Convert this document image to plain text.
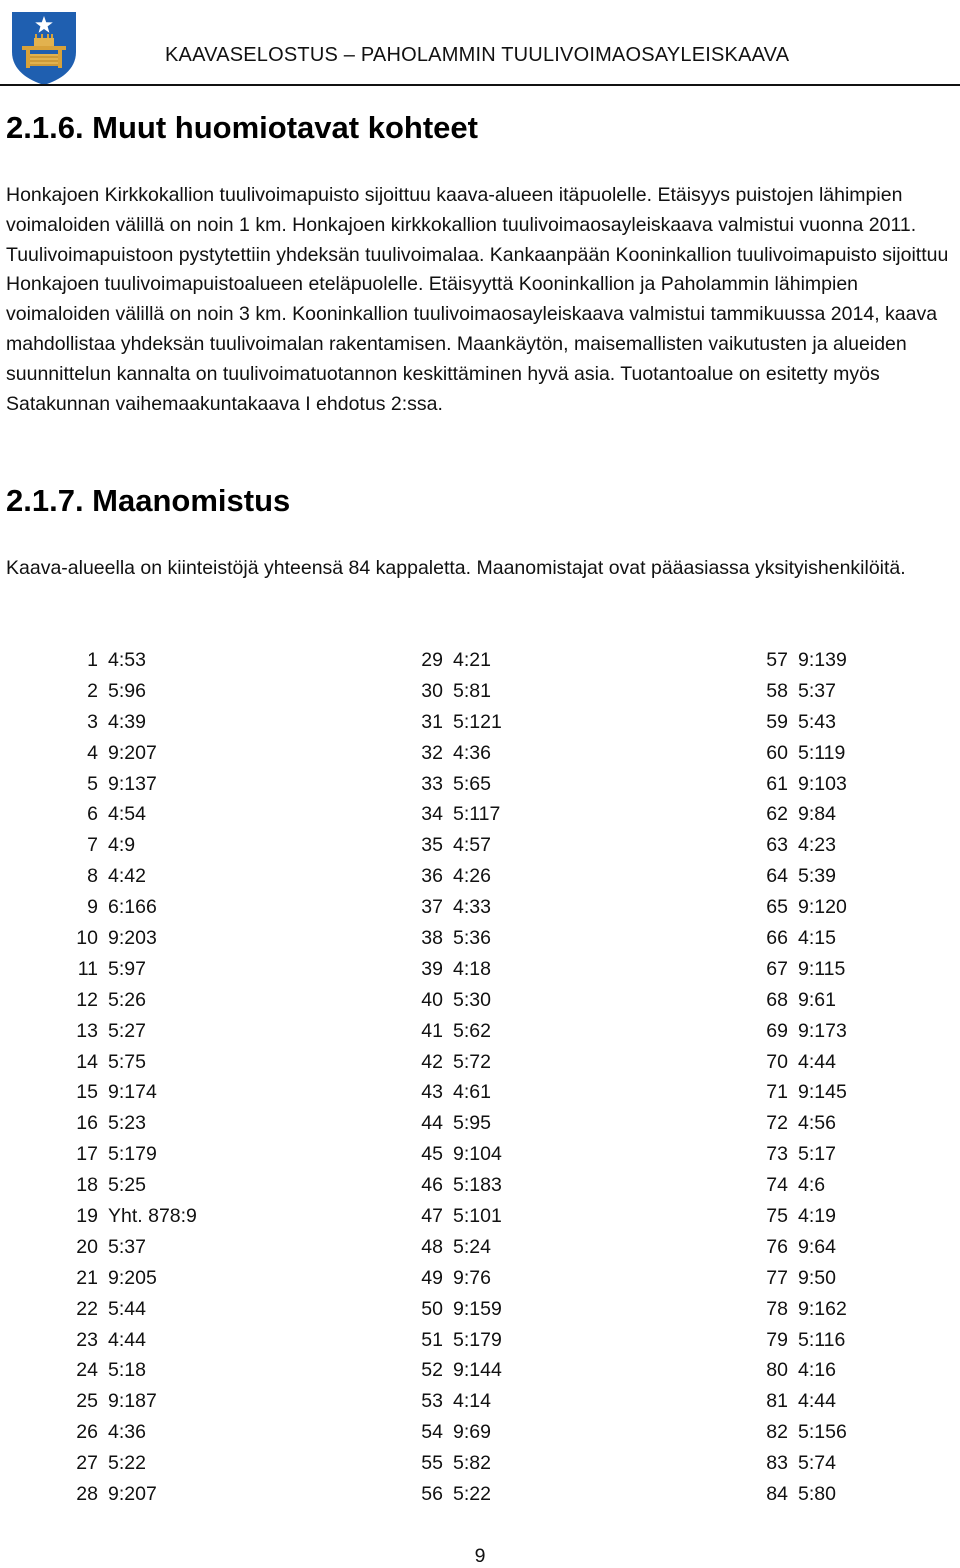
KAAVASELOSTUS – PAHOLAMMIN TUULIVOIMAOSAYLEISKAAVA
2.1.6. Muut huomiotavat kohteet

Honkajoen Kirkkokallion tuulivoimapuisto sijoittuu kaava-alueen itäpuolelle. Etäisyys puistojen lähimpien voimaloiden välillä on noin 1 km. Honkajoen kirkkokallion tuulivoimaosayleiskaava valmistui vuonna 2011. Tuulivoimapuistoon pystytettiin yhdeksän tuulivoimalaa. Kankaanpään Kooninkallion tuulivoimapuisto sijoittuu Honkajoen tuulivoimapuistoalueen eteläpuolelle. Etäisyyttä Kooninkallion ja Paholammin lähimpien voimaloiden välillä on noin 3 km. Kooninkallion tuulivoimaosayleiskaava valmistui tammikuussa 2014, kaava mahdollistaa yhdeksän tuulivoimalan rakentamisen. Maankäytön, maisemallisten vaikutusten ja alueiden suunnittelun kannalta on tuulivoimatuotannon keskittäminen hyvä asia. Tuotantoalue on esitetty myös Satakunnan vaihemaakuntakaava I ehdotus 2:ssa.

2.1.7. Maanomistus

Kaava-alueella on kiinteistöjä yhteensä 84 kappaletta. Maanomistajat ovat pääasiassa yksityishenkilöitä.

1 4:53
2 5:96
3 4:39
4 9:207
5 9:137
6 4:54
7 4:9
8 4:42
9 6:166
10 9:203
11 5:97
12 5:26
13 5:27
14 5:75
15 9:174
16 5:23
17 5:179
18 5:25
19 Yht. 878:9
20 5:37
21 9:205
22 5:44
23 4:44
24 5:18
25 9:187
26 4:36
27 5:22
28 9:207
29 4:21
30 5:81
31 5:121
32 4:36
33 5:65
34 5:117
35 4:57
36 4:26
37 4:33
38 5:36
39 4:18
40 5:30
41 5:62
42 5:72
43 4:61
44 5:95
45 9:104
46 5:183
47 5:101
48 5:24
49 9:76
50 9:159
51 5:179
52 9:144
53 4:14
54 9:69
55 5:82
56 5:22
57 9:139
58 5:37
59 5:43
60 5:119
61 9:103
62 9:84
63 4:23
64 5:39
65 9:120
66 4:15
67 9:115
68 9:61
69 9:173
70 4:44
71 9:145
72 4:56
73 5:17
74 4:6
75 4:19
76 9:64
77 9:50
78 9:162
79 5:116
80 4:16
81 4:44
82 5:156
83 5:74
84 5:80
9
